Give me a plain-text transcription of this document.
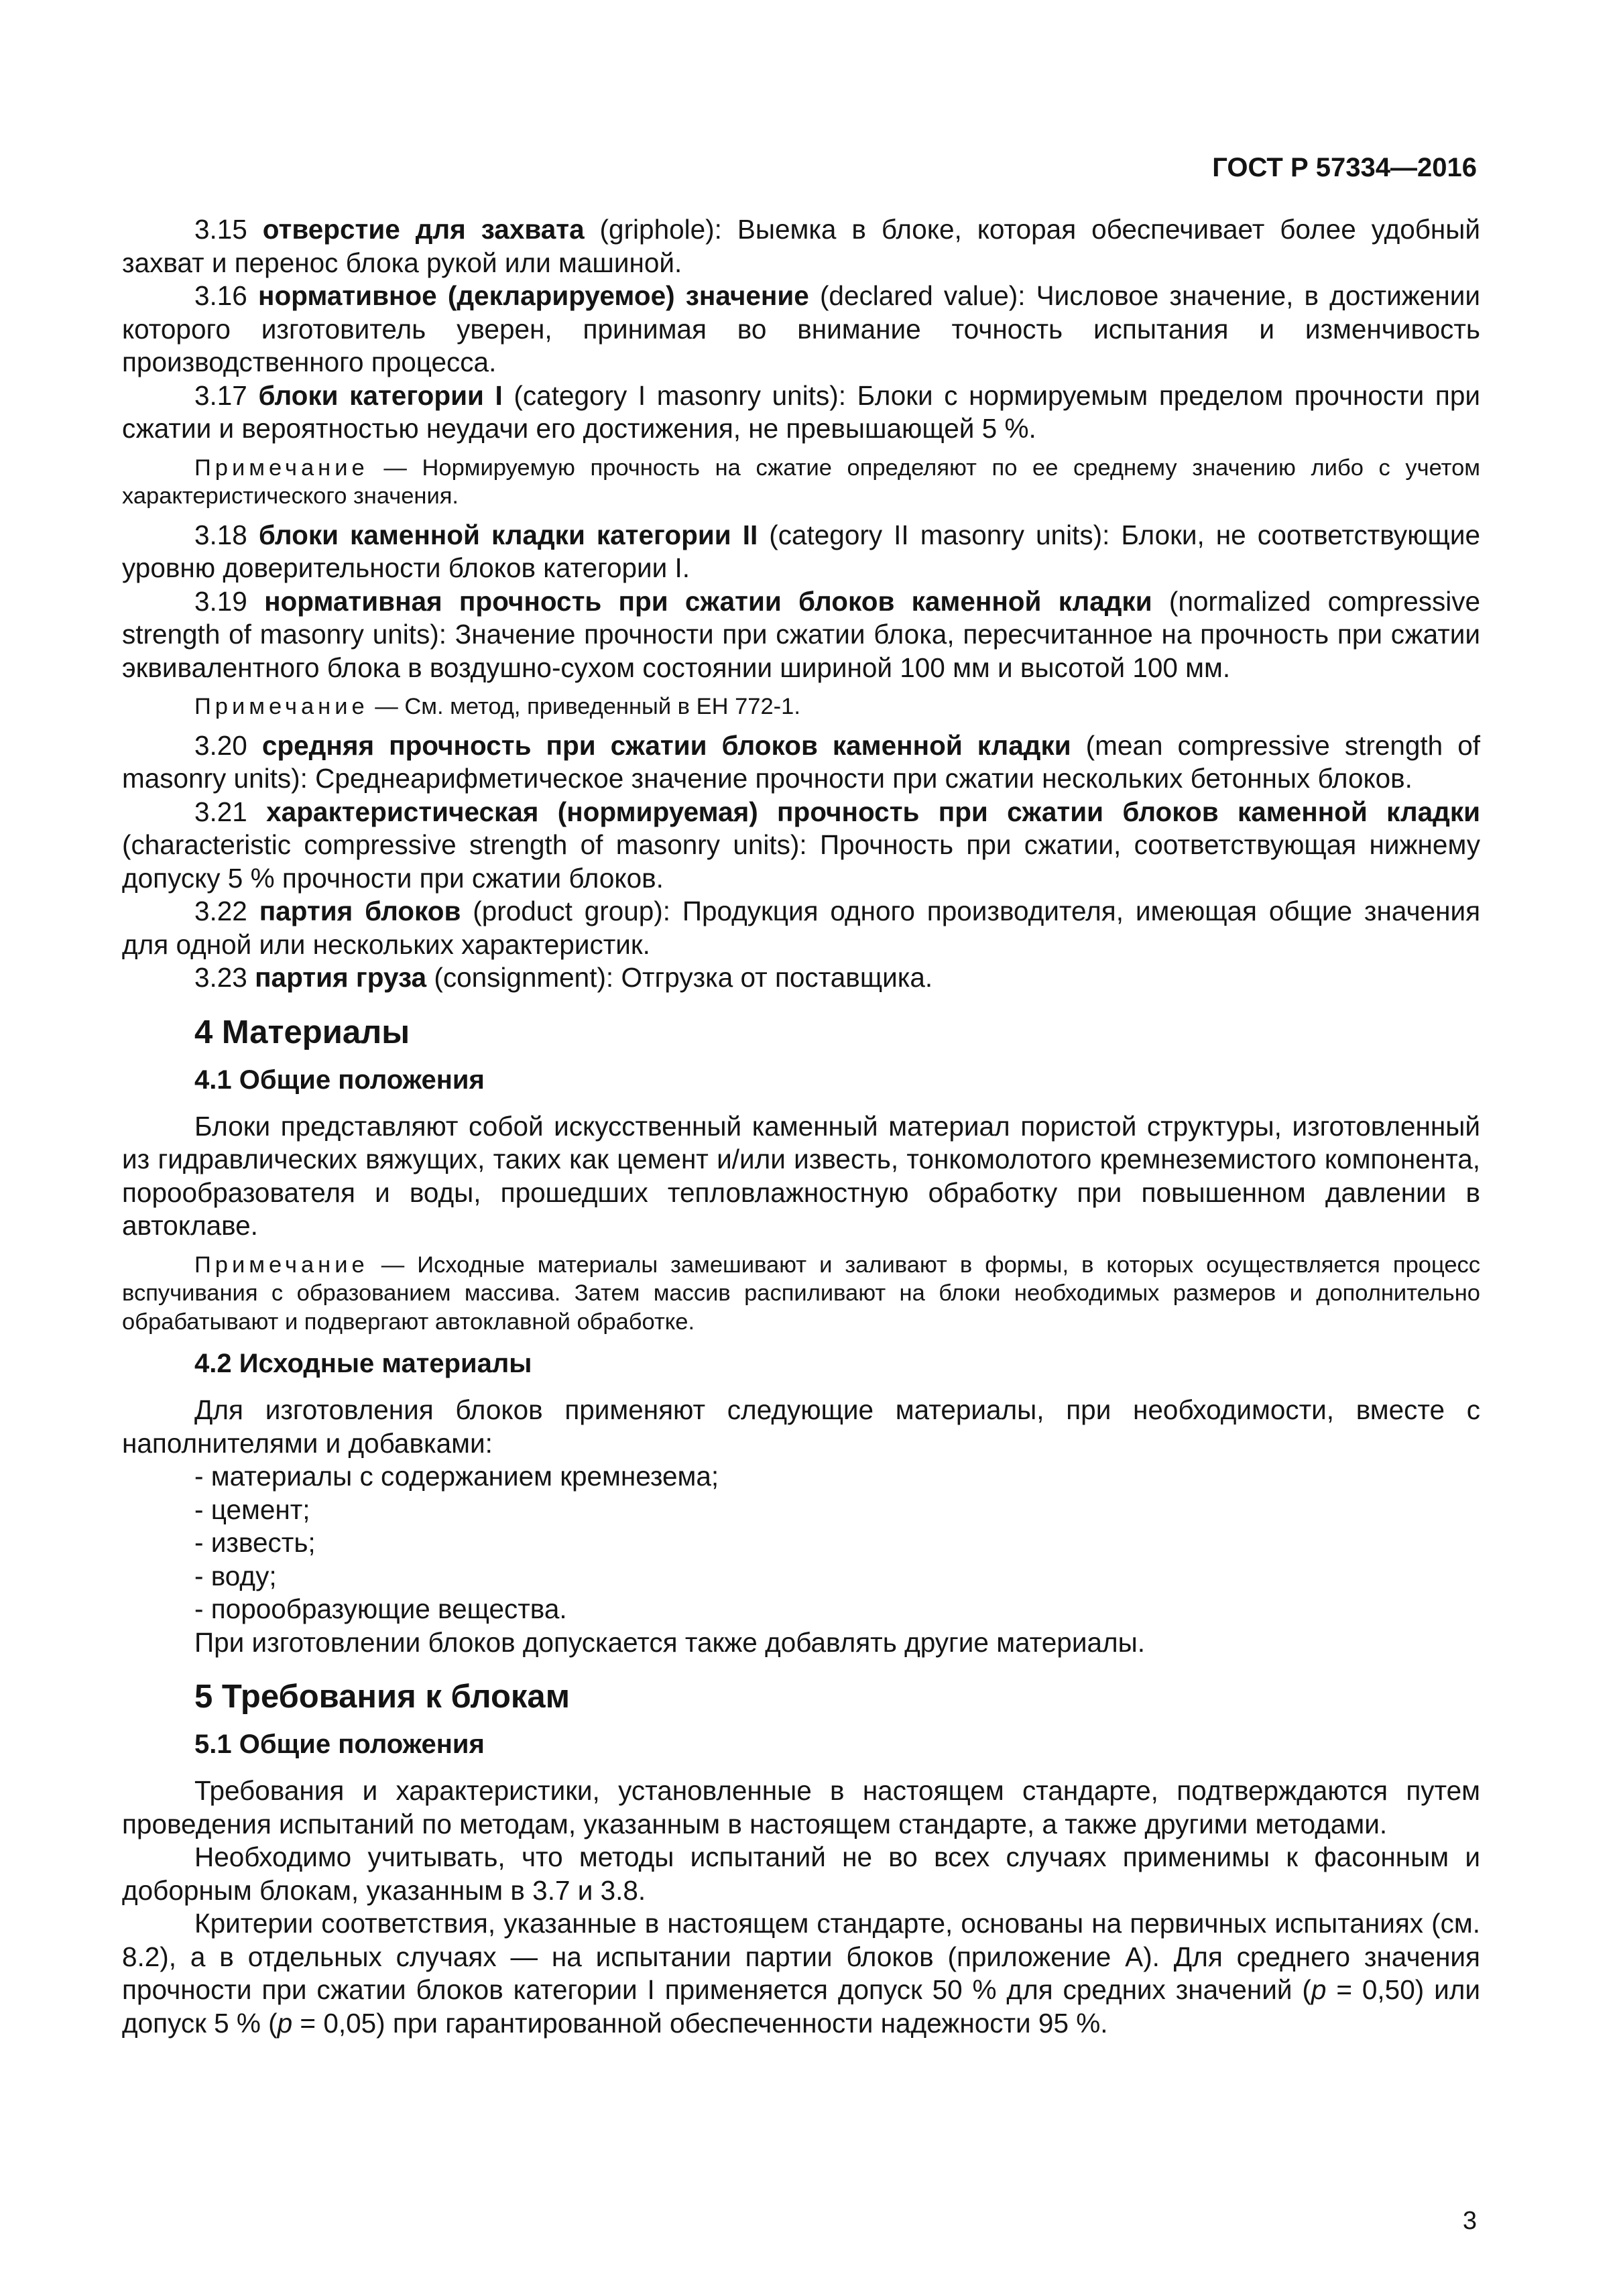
ГОСТ Р 57334—2016

3.15 отверстие для захвата (griphole): Выемка в блоке, которая обеспечивает более удобный захват и перенос блока рукой или машиной.

3.16 нормативное (декларируемое) значение (declared value): Числовое значение, в достижении которого изготовитель уверен, принимая во внимание точность испытания и изменчивость производственного процесса.

3.17 блоки категории I (category I masonry units): Блоки с нормируемым пределом прочности при сжатии и вероятностью неудачи его достижения, не превышающей 5 %.

Примечание — Нормируемую прочность на сжатие определяют по ее среднему значению либо с учетом характеристического значения.

3.18 блоки каменной кладки категории II (category II masonry units): Блоки, не соответствующие уровню доверительности блоков категории I.

3.19 нормативная прочность при сжатии блоков каменной кладки (normalized compressive strength of masonry units): Значение прочности при сжатии блока, пересчитанное на прочность при сжатии эквивалентного блока в воздушно-сухом состоянии шириной 100 мм и высотой 100 мм.

Примечание — См. метод, приведенный в ЕН 772-1.

3.20 средняя прочность при сжатии блоков каменной кладки (mean compressive strength of masonry units): Среднеарифметическое значение прочности при сжатии нескольких бетонных блоков.

3.21 характеристическая (нормируемая) прочность при сжатии блоков каменной кладки (characteristic compressive strength of masonry units): Прочность при сжатии, соответствующая нижнему допуску 5 % прочности при сжатии блоков.

3.22 партия блоков (product group): Продукция одного производителя, имеющая общие значения для одной или нескольких характеристик.

3.23 партия груза (consignment): Отгрузка от поставщика.

4 Материалы
4.1 Общие положения

Блоки представляют собой искусственный каменный материал пористой структуры, изготовленный из гидравлических вяжущих, таких как цемент и/или известь, тонкомолотого кремнеземистого компонента, порообразователя и воды, прошедших тепловлажностную обработку при повышенном давлении в автоклаве.

Примечание — Исходные материалы замешивают и заливают в формы, в которых осуществляется процесс вспучивания с образованием массива. Затем массив распиливают на блоки необходимых размеров и дополнительно обрабатывают и подвергают автоклавной обработке.
4.2 Исходные материалы

Для изготовления блоков применяют следующие материалы, при необходимости, вместе с наполнителями и добавками:

- материалы с содержанием кремнезема;
- цемент;
- известь;
- воду;
- порообразующие вещества.

При изготовлении блоков допускается также добавлять другие материалы.

5 Требования к блокам
5.1 Общие положения

Требования и характеристики, установленные в настоящем стандарте, подтверждаются путем проведения испытаний по методам, указанным в настоящем стандарте, а также другими методами.

Необходимо учитывать, что методы испытаний не во всех случаях применимы к фасонным и доборным блокам, указанным в 3.7 и 3.8.

Критерии соответствия, указанные в настоящем стандарте, основаны на первичных испытаниях (см. 8.2), а в отдельных случаях — на испытании партии блоков (приложение А). Для среднего значения прочности при сжатии блоков категории I применяется допуск 50 % для средних значений (p = 0,50) или допуск 5 % (p = 0,05) при гарантированной обеспеченности надежности 95 %.

3
